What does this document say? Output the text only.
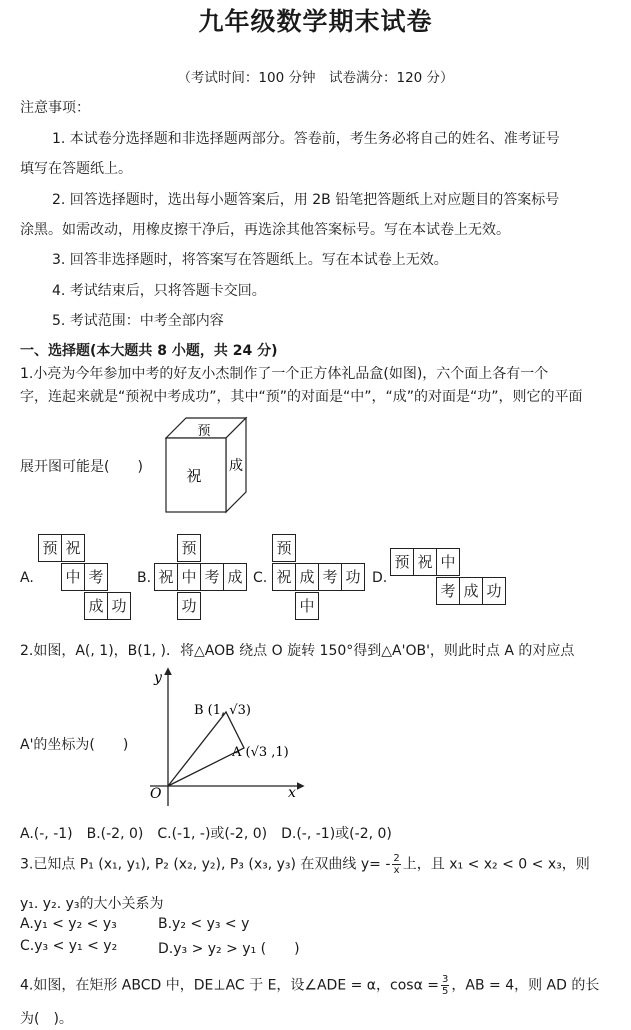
九年级数学期末试卷
（考试时间：100 分钟　试卷满分：120 分）
注意事项：
1. 本试卷分选择题和非选择题两部分。答卷前，考生务必将自己的姓名、准考证号
填写在答题纸上。
2. 回答选择题时，选出每小题答案后，用 2B 铅笔把答题纸上对应题目的答案标号
涂黑。如需改动，用橡皮擦干净后，再选涂其他答案标号。写在本试卷上无效。
3. 回答非选择题时，将答案写在答题纸上。写在本试卷上无效。
4. 考试结束后，只将答题卡交回。
5. 考试范围：中考全部内容
一、选择题(本大题共 8 小题，共 24 分)
1.小亮为今年参加中考的好友小杰制作了一个正方体礼品盒(如图)，六个面上各有一个
字，连起来就是“预祝中考成功”，其中“预”的对面是“中”，“成”的对面是“功”，则它的平面
预
祝
成
展开图可能是(　　)
A.
预 祝
中 考
成 功
B.
预
祝 中 考 成
功
C.
预
祝 成 考 功
中
D.
预 祝 中
考 成 功
2.如图，A(, 1)，B(1, )．将△AOB 绕点 O 旋转 150°得到△A'OB'，则此时点 A 的对应点
y
x
O
B (1, √3)
A (√3 ,1)
A'的坐标为(　　)
A.(-, -1)　B.(-2, 0)　C.(-1, -)或(-2, 0)　D.(-, -1)或(-2, 0)
3.已知点 P₁ (x₁, y₁), P₂ (x₂, y₂), P₃ (x₃, y₃) 在双曲线 $y= - \frac{2}{x}$ 上，且 x₁ < x₂ < 0 < x₃，则
y₁. y₂. y₃的大小关系为
A.y₁ < y₂ < y₃	B.y₂ < y₃ < y
C.y₃ < y₁ < y₂	D.y₃ > y₂ > y₁ (　　)
4.如图，在矩形 ABCD 中，DE⊥AC 于 E，设∠ADE = α，$\cos\alpha = \frac{3}{5}$ ，AB = 4，则 AD 的长
为(　)。
